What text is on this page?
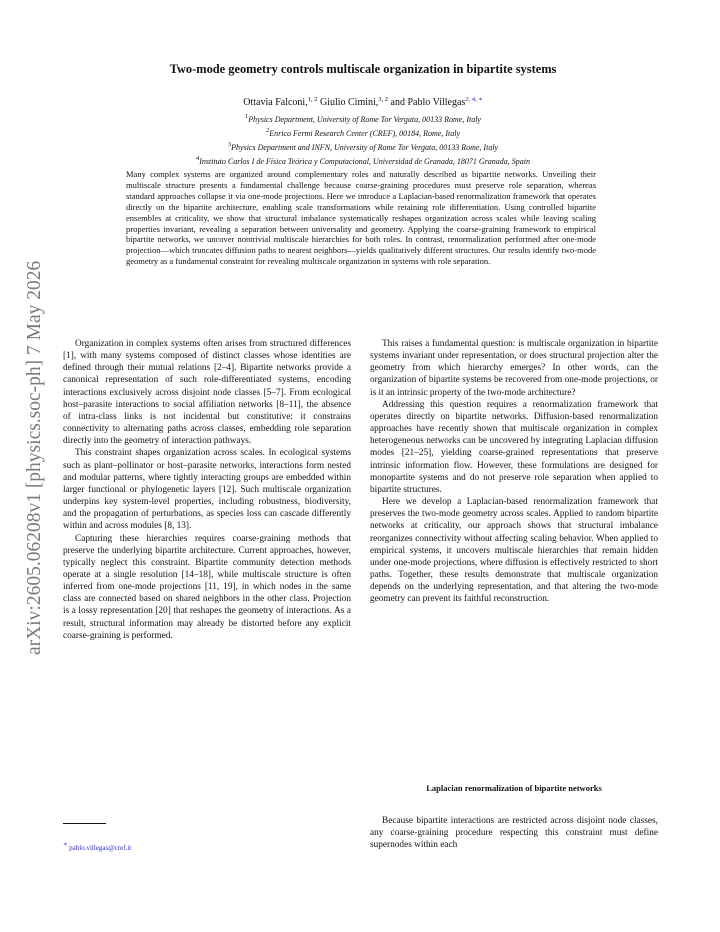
arXiv:2605.06208v1 [physics.soc-ph] 7 May 2026
Two-mode geometry controls multiscale organization in bipartite systems
Ottavia Falconi,$^{1, 2}$ Giulio Cimini,$^{3, 2}$ and Pablo Villegas$^{2, 4, ∗}$
$^1$Physics Department, University of Rome Tor Vergata, 00133 Rome, Italy
$^2$Enrico Fermi Research Center (CREF), 00184, Rome, Italy
$^3$Physics Department and INFN, University of Rome Tor Vergata, 00133 Rome, Italy
$^4$Instituto Carlos I de Física Teórica y Computacional, Universidad de Granada, 18071 Granada, Spain
Many complex systems are organized around complementary roles and naturally described as bipartite networks. Unveiling their multiscale structure presents a fundamental challenge because coarse-graining procedures must preserve role separation, whereas standard approaches collapse it via one-mode projections. Here we introduce a Laplacian-based renormalization framework that operates directly on the bipartite architecture, enabling scale transformations while retaining role differentiation. Using controlled bipartite ensembles at criticality, we show that structural imbalance systematically reshapes organization across scales while leaving scaling properties invariant, revealing a separation between universality and geometry. Applying the coarse-graining framework to empirical bipartite networks, we uncover nontrivial multiscale hierarchies for both roles. In contrast, renormalization performed after one-mode projection—which truncates diffusion paths to nearest neighbors—yields qualitatively different structures. Our results identify two-mode geometry as a fundamental constraint for revealing multiscale organization in systems with role separation.

Organization in complex systems often arises from structured differences [1], with many systems composed of distinct classes whose identities are defined through their mutual relations [2–4]. Bipartite networks provide a canonical representation of such role-differentiated systems, encoding interactions exclusively across disjoint node classes [5–7]. From ecological host–parasite interactions to social affiliation networks [8–11], the absence of intra-class links is not incidental but constitutive: it constrains connectivity to alternating paths across classes, embedding role separation directly into the geometry of interaction pathways.

This constraint shapes organization across scales. In ecological systems such as plant–pollinator or host–parasite networks, interactions form nested and modular patterns, where tightly interacting groups are embedded within larger functional or phylogenetic layers [12]. Such multiscale organization underpins key system-level properties, including robustness, biodiversity, and the propagation of perturbations, as species loss can cascade differently within and across modules [8, 13].

Capturing these hierarchies requires coarse-graining methods that preserve the underlying bipartite architecture. Current approaches, however, typically neglect this constraint. Bipartite community detection methods operate at a single resolution [14–18], while multiscale structure is often inferred from one-mode projections [11, 19], in which nodes in the same class are connected based on shared neighbors in the other class. Projection is a lossy representation [20] that reshapes the geometry of interactions. As a result, structural information may already be distorted before any explicit coarse-graining is performed.

This raises a fundamental question: is multiscale organization in bipartite systems invariant under representation, or does structural projection alter the geometry from which hierarchy emerges? In other words, can the organization of bipartite systems be recovered from one-mode projections, or is it an intrinsic property of the two-mode architecture?

Addressing this question requires a renormalization framework that operates directly on bipartite networks. Diffusion-based renormalization approaches have recently shown that multiscale organization in complex heterogeneous networks can be uncovered by integrating Laplacian diffusion modes [21–25], yielding coarse-grained representations that preserve intrinsic information flow. However, these formulations are designed for monopartite systems and do not preserve role separation when applied to bipartite structures.

Here we develop a Laplacian-based renormalization framework that preserves the two-mode geometry across scales. Applied to random bipartite networks at criticality, our approach shows that structural imbalance reorganizes connectivity without affecting scaling behavior. When applied to empirical systems, it uncovers multiscale hierarchies that remain hidden under one-mode projections, where diffusion is effectively restricted to short paths. Together, these results demonstrate that multiscale organization depends on the underlying representation, and that altering the two-mode geometry can prevent its faithful reconstruction.

Laplacian renormalization of bipartite networks

Because bipartite interactions are restricted across disjoint node classes, any coarse-graining procedure respecting this constraint must define supernodes within each

∗ pablo.villegas@cref.it
